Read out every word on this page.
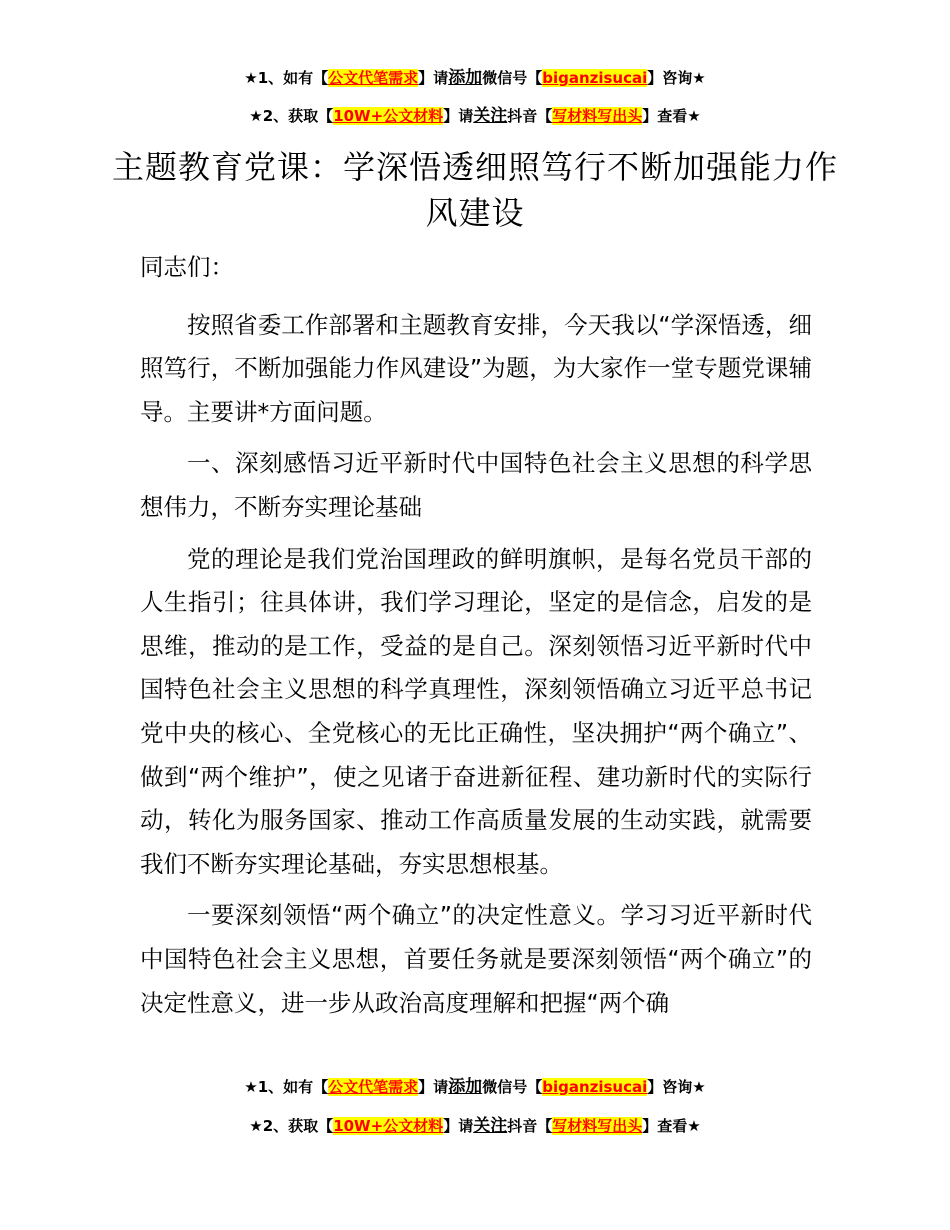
★1、如有【公文代笔需求】请添加微信号【biganzisucai】咨询★
★2、获取【10W+公文材料】请关注抖音【写材料写出头】查看★
主题教育党课：学深悟透细照笃行不断加强能力作风建设

同志们：

按照省委工作部署和主题教育安排，今天我以“学深悟透，细照笃行，不断加强能力作风建设”为题，为大家作一堂专题党课辅导。主要讲*方面问题。

一、深刻感悟习近平新时代中国特色社会主义思想的科学思想伟力，不断夯实理论基础

党的理论是我们党治国理政的鲜明旗帜，是每名党员干部的人生指引；往具体讲，我们学习理论，坚定的是信念，启发的是思维，推动的是工作，受益的是自己。深刻领悟习近平新时代中国特色社会主义思想的科学真理性，深刻领悟确立习近平总书记党中央的核心、全党核心的无比正确性，坚决拥护“两个确立”、做到“两个维护”，使之见诸于奋进新征程、建功新时代的实际行动，转化为服务国家、推动工作高质量发展的生动实践，就需要我们不断夯实理论基础，夯实思想根基。

一要深刻领悟“两个确立”的决定性意义。学习习近平新时代中国特色社会主义思想，首要任务就是要深刻领悟“两个确立”的决定性意义，进一步从政治高度理解和把握“两个确

★1、如有【公文代笔需求】请添加微信号【biganzisucai】咨询★
★2、获取【10W+公文材料】请关注抖音【写材料写出头】查看★
